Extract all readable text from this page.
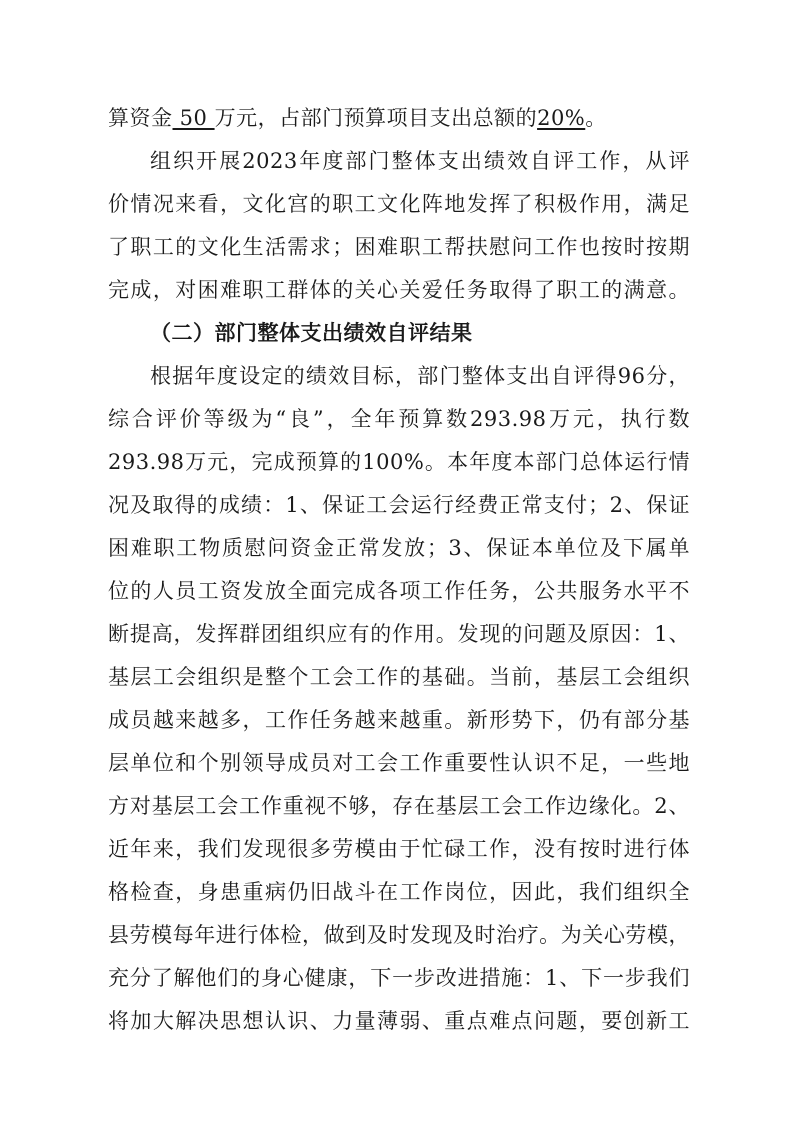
算资金 50 万元，占部门预算项目支出总额的20%。
组织开展2023年度部门整体支出绩效自评工作，从评
价情况来看，文化宫的职工文化阵地发挥了积极作用，满足
了职工的文化生活需求；困难职工帮扶慰问工作也按时按期
完成，对困难职工群体的关心关爱任务取得了职工的满意。
（二）部门整体支出绩效自评结果
根据年度设定的绩效目标，部门整体支出自评得96分，
综合评价等级为“良”，全年预算数293.98万元，执行数
293.98万元，完成预算的100%。本年度本部门总体运行情
况及取得的成绩：1、保证工会运行经费正常支付；2、保证
困难职工物质慰问资金正常发放；3、保证本单位及下属单
位的人员工资发放全面完成各项工作任务，公共服务水平不
断提高，发挥群团组织应有的作用。发现的问题及原因：1、
基层工会组织是整个工会工作的基础。当前，基层工会组织
成员越来越多，工作任务越来越重。新形势下，仍有部分基
层单位和个别领导成员对工会工作重要性认识不足，一些地
方对基层工会工作重视不够，存在基层工会工作边缘化。2、
近年来，我们发现很多劳模由于忙碌工作，没有按时进行体
格检查，身患重病仍旧战斗在工作岗位，因此，我们组织全
县劳模每年进行体检，做到及时发现及时治疗。为关心劳模，
充分了解他们的身心健康，下一步改进措施：1、下一步我们
将加大解决思想认识、力量薄弱、重点难点问题，要创新工
